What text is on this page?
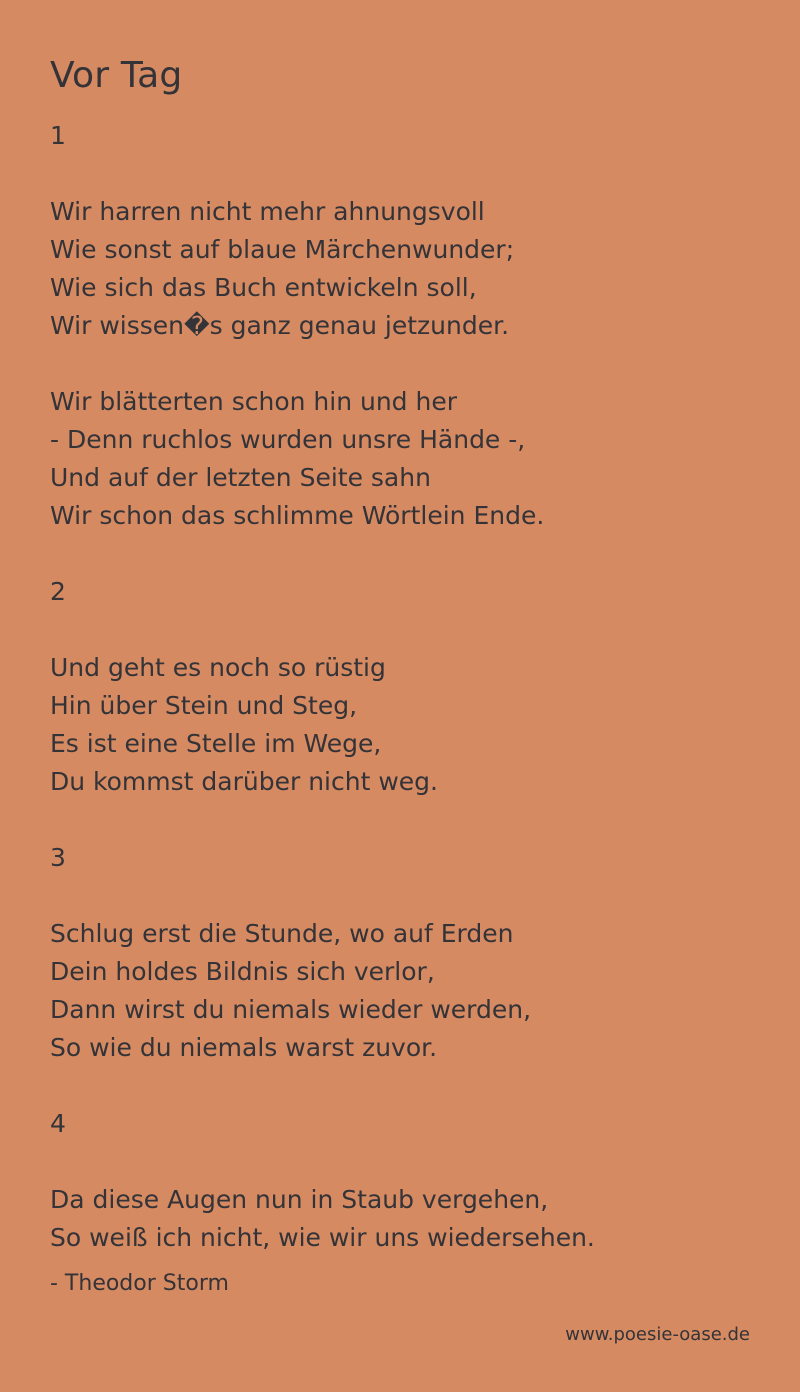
Vor Tag
1
Wir harren nicht mehr ahnungsvoll
Wie sonst auf blaue Märchenwunder;
Wie sich das Buch entwickeln soll,
Wir wissen�s ganz genau jetzunder.
Wir blätterten schon hin und her
- Denn ruchlos wurden unsre Hände -,
Und auf der letzten Seite sahn
Wir schon das schlimme Wörtlein Ende.
2
Und geht es noch so rüstig
Hin über Stein und Steg,
Es ist eine Stelle im Wege,
Du kommst darüber nicht weg.
3
Schlug erst die Stunde, wo auf Erden
Dein holdes Bildnis sich verlor,
Dann wirst du niemals wieder werden,
So wie du niemals warst zuvor.
4
Da diese Augen nun in Staub vergehen,
So weiß ich nicht, wie wir uns wiedersehen.
- Theodor Storm
www.poesie-oase.de
